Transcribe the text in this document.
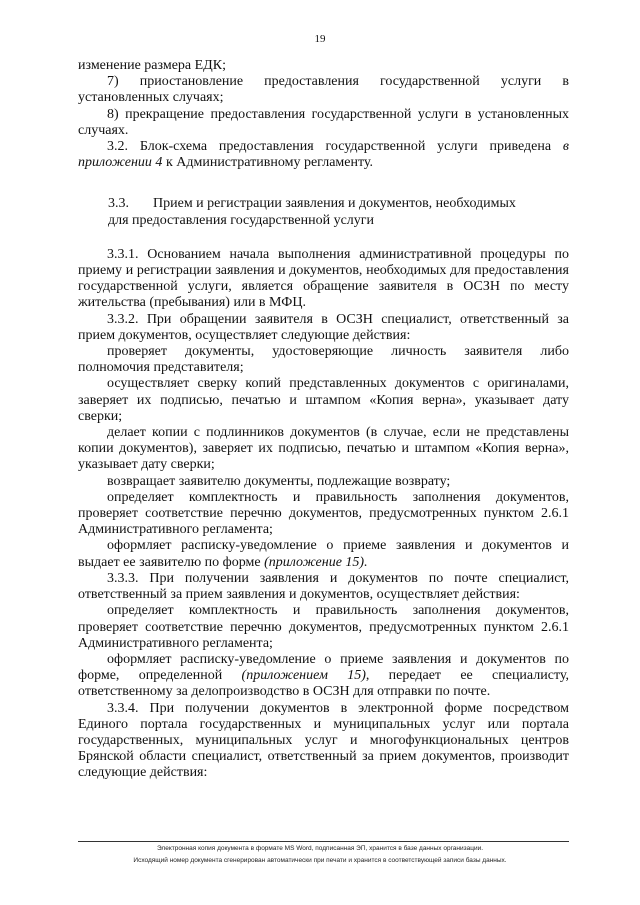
19

изменение размера ЕДК;

7) приостановление предоставления государственной услуги в установленных случаях;

8) прекращение предоставления государственной услуги в установленных случаях.

3.2. Блок-схема предоставления государственной услуги приведена в приложении 4 к Административному регламенту.

3.3. Прием и регистрации заявления и документов, необходимых

для предоставления государственной услуги

3.3.1. Основанием начала выполнения административной процедуры по приему и регистрации заявления и документов, необходимых для предоставления государственной услуги, является обращение заявителя в ОСЗН по месту жительства (пребывания) или в МФЦ.

3.3.2. При обращении заявителя в ОСЗН специалист, ответственный за прием документов, осуществляет следующие действия:

проверяет документы, удостоверяющие личность заявителя либо полномочия представителя;

осуществляет сверку копий представленных документов с оригиналами, заверяет их подписью, печатью и штампом «Копия верна», указывает дату сверки;

делает копии с подлинников документов (в случае, если не представлены копии документов), заверяет их подписью, печатью и штампом «Копия верна», указывает дату сверки;

возвращает заявителю документы, подлежащие возврату;

определяет комплектность и правильность заполнения документов, проверяет соответствие перечню документов, предусмотренных пунктом 2.6.1 Административного регламента;

оформляет расписку-уведомление о приеме заявления и документов и выдает ее заявителю по форме (приложение 15).

3.3.3. При получении заявления и документов по почте специалист, ответственный за прием заявления и документов, осуществляет действия:

определяет комплектность и правильность заполнения документов, проверяет соответствие перечню документов, предусмотренных пунктом 2.6.1 Административного регламента;

оформляет расписку-уведомление о приеме заявления и документов по форме, определенной (приложением 15), передает ее специалисту, ответственному за делопроизводство в ОСЗН для отправки по почте.

3.3.4. При получении документов в электронной форме посредством Единого портала государственных и муниципальных услуг или портала государственных, муниципальных услуг и многофункциональных центров Брянской области специалист, ответственный за прием документов, производит следующие действия:

Электронная копия документа в формате MS Word, подписанная ЭП, хранится в базе данных организации.
Исходящий номер документа сгенерирован автоматически при печати и хранится в соответствующей записи базы данных.
